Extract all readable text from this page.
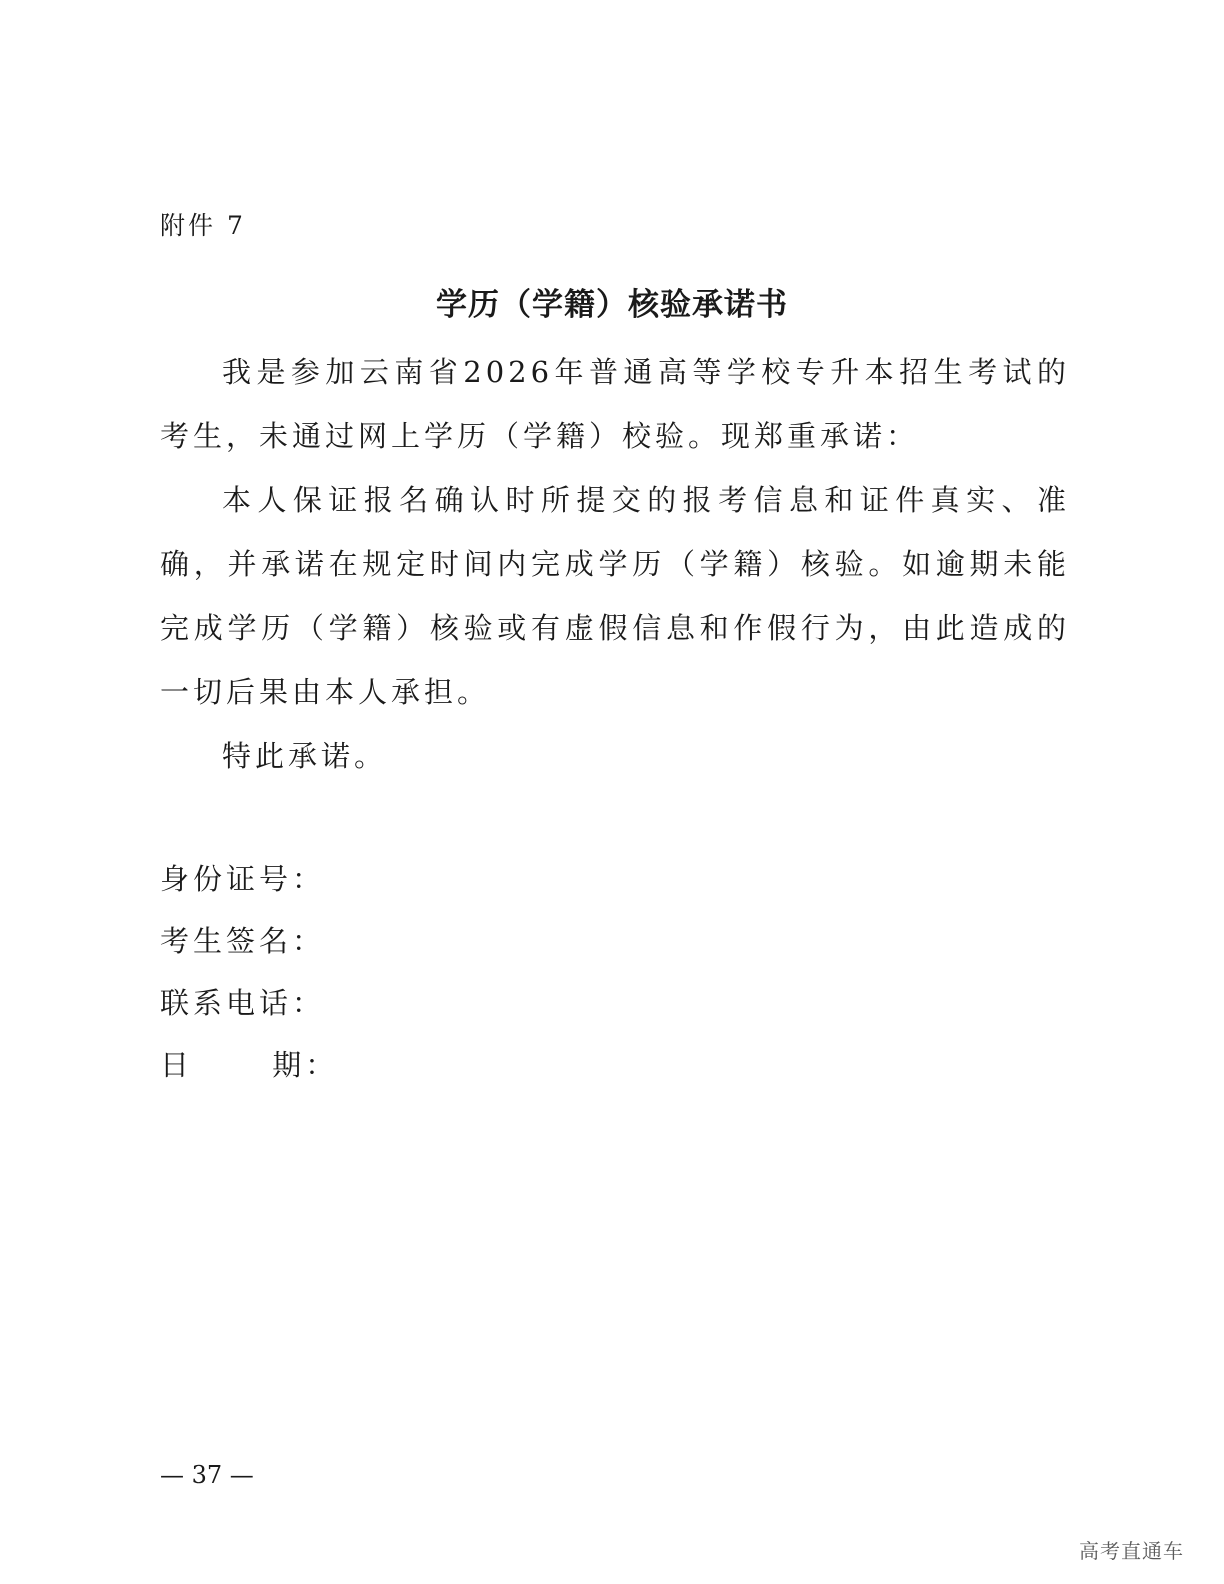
附件 7
学历（学籍）核验承诺书

我是参加云南省2026年普通高等学校专升本招生考试的考生，未通过网上学历（学籍）校验。现郑重承诺：

本人保证报名确认时所提交的报考信息和证件真实、准确，并承诺在规定时间内完成学历（学籍）核验。如逾期未能完成学历（学籍）核验或有虚假信息和作假行为，由此造成的一切后果由本人承担。

特此承诺。

身份证号：
考生签名：
联系电话：
日      期：
— 37 —
高考直通车
